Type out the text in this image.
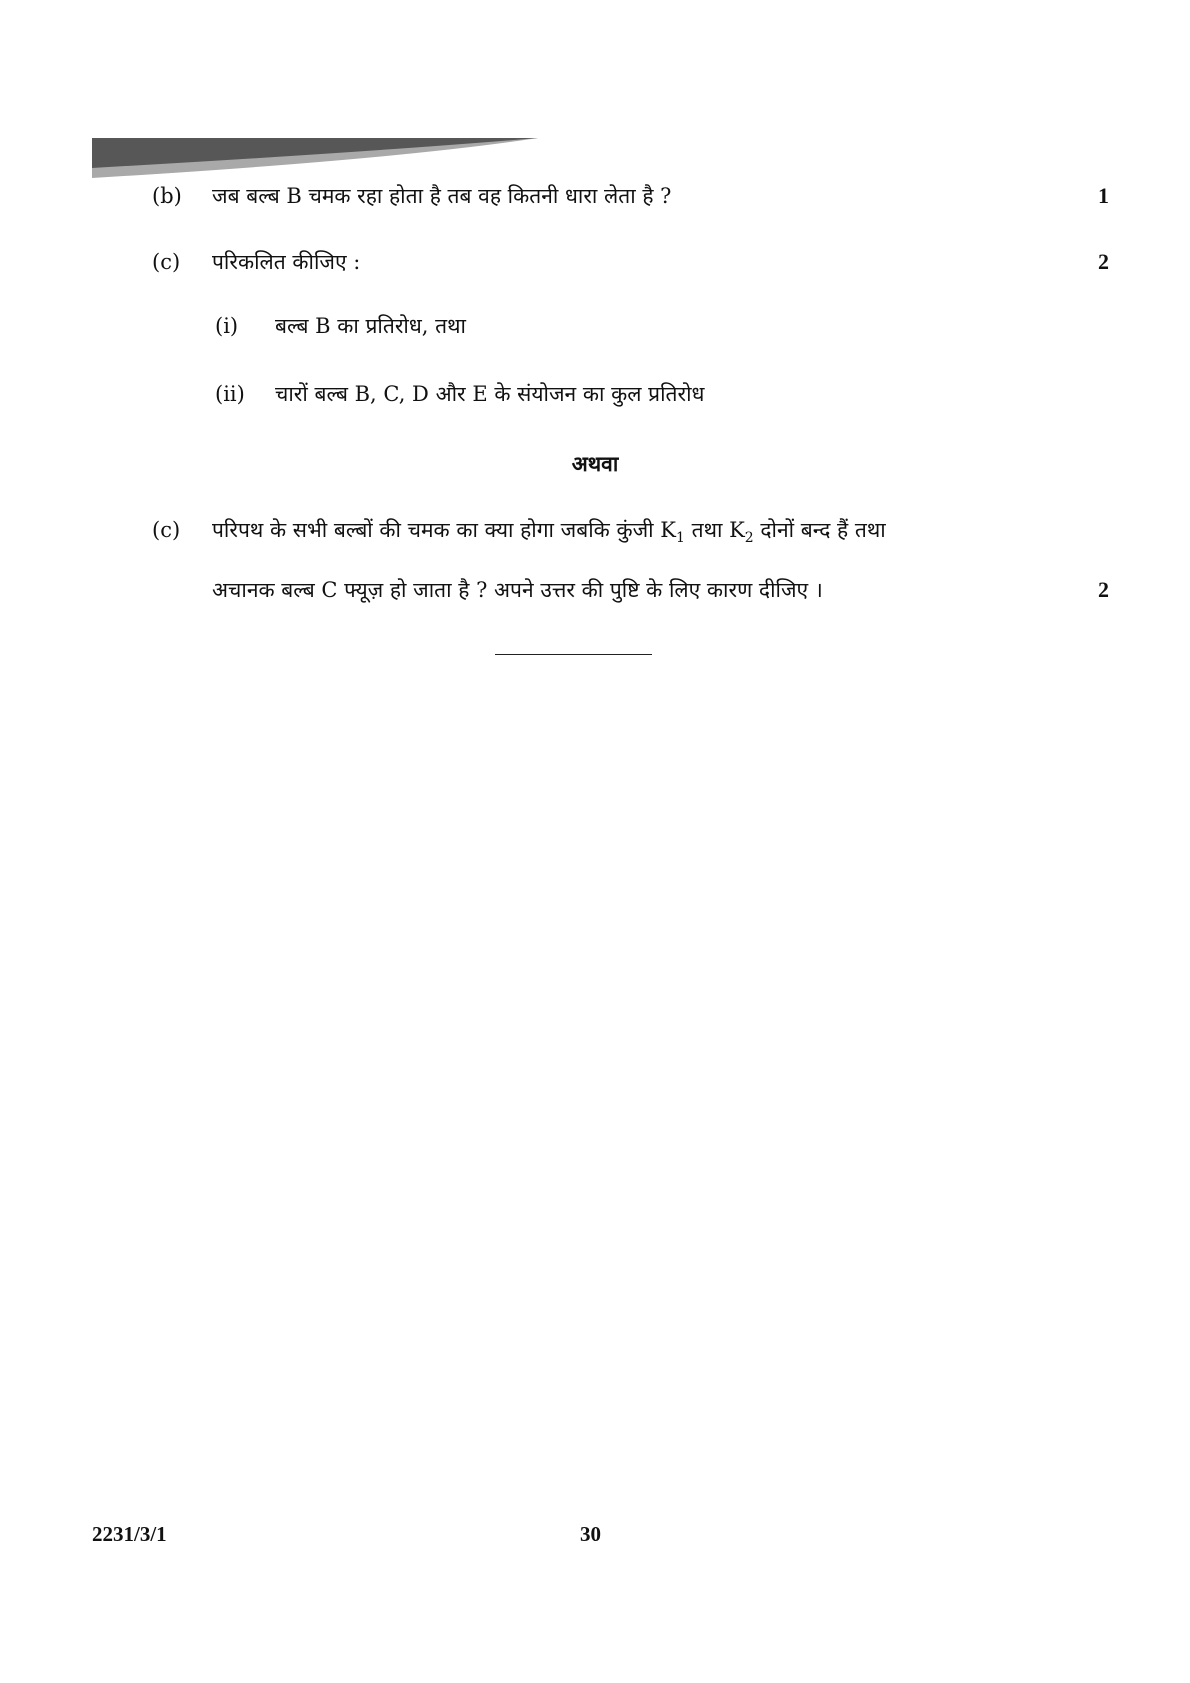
(b) जब बल्ब B चमक रहा होता है तब वह कितनी धारा लेता है ?	1
(c) परिकलित कीजिए :	2
(i) बल्ब B का प्रतिरोध, तथा
(ii) चारों बल्ब B, C, D और E के संयोजन का कुल प्रतिरोध
अथवा
(c) परिपथ के सभी बल्बों की चमक का क्या होगा जबकि कुंजी $K_1$ तथा $K_2$ दोनों बन्द हैं तथा
अचानक बल्ब C फ्यूज़ हो जाता है ? अपने उत्तर की पुष्टि के लिए कारण दीजिए ।	2
2231/3/1	30
